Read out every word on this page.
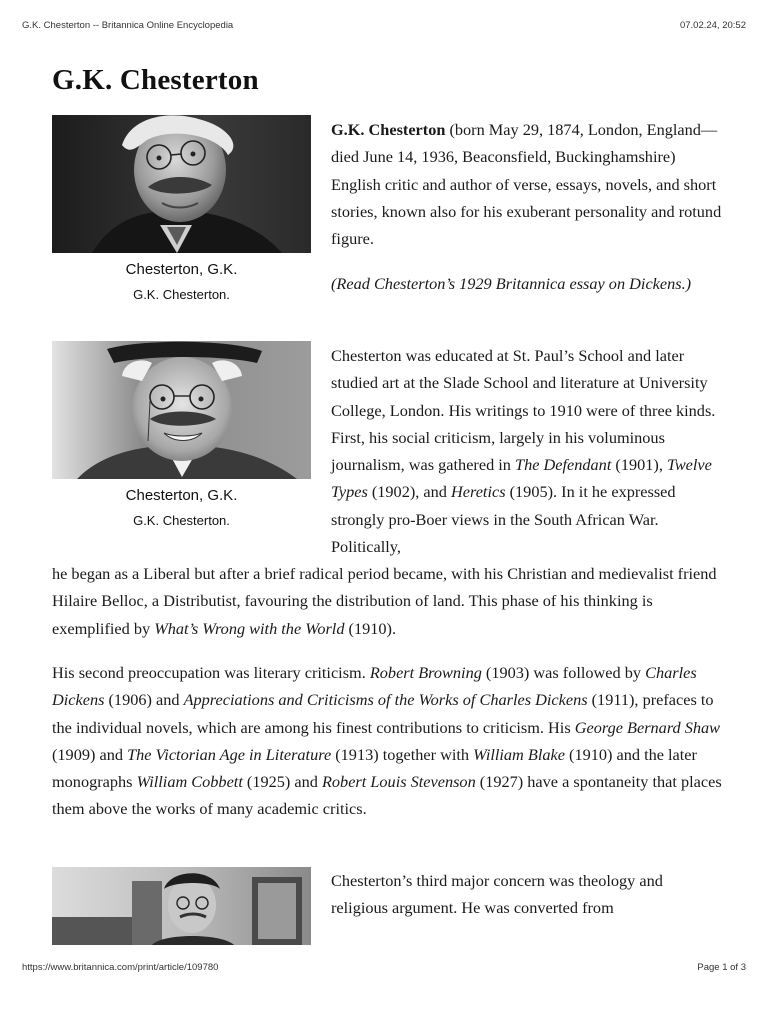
G.K. Chesterton -- Britannica Online Encyclopedia	07.02.24, 20:52
G.K. Chesterton
Chesterton, G.K.
G.K. Chesterton.
Chesterton, G.K.
G.K. Chesterton.

G.K. Chesterton (born May 29, 1874, London, England—died June 14, 1936, Beaconsfield, Buckinghamshire) English critic and author of verse, essays, novels, and short stories, known also for his exuberant personality and rotund figure.

(Read Chesterton’s 1929 Britannica essay on Dickens.)

Chesterton was educated at St. Paul’s School and later studied art at the Slade School and literature at University College, London. His writings to 1910 were of three kinds. First, his social criticism, largely in his voluminous journalism, was gathered in The Defendant (1901), Twelve Types (1902), and Heretics (1905). In it he expressed strongly pro-Boer views in the South African War. Politically,

he began as a Liberal but after a brief radical period became, with his Christian and medievalist friend Hilaire Belloc, a Distributist, favouring the distribution of land. This phase of his thinking is exemplified by What’s Wrong with the World (1910).

His second preoccupation was literary criticism. Robert Browning (1903) was followed by Charles Dickens (1906) and Appreciations and Criticisms of the Works of Charles Dickens (1911), prefaces to the individual novels, which are among his finest contributions to criticism. His George Bernard Shaw (1909) and The Victorian Age in Literature (1913) together with William Blake (1910) and the later monographs William Cobbett (1925) and Robert Louis Stevenson (1927) have a spontaneity that places them above the works of many academic critics.

Chesterton’s third major concern was theology and religious argument. He was converted from

https://www.britannica.com/print/article/109780	Page 1 of 3
